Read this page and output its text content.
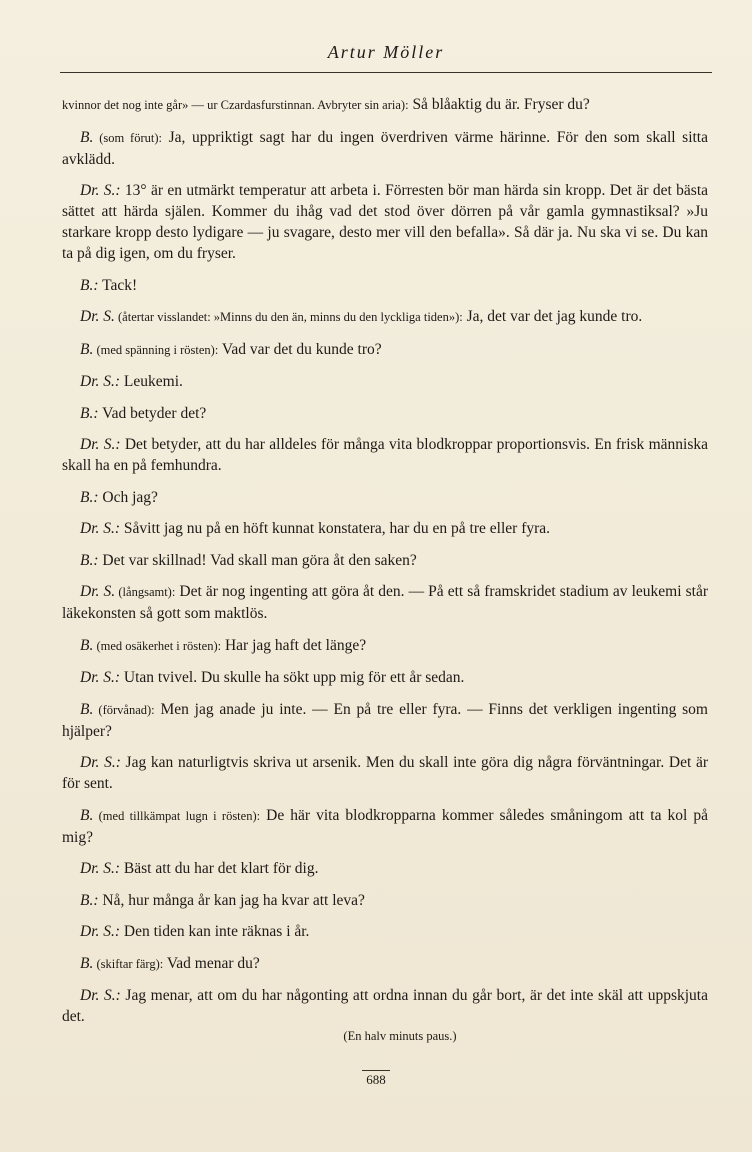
Artur Möller

kvinnor det nog inte går» — ur Czardasfurstinnan. Avbryter sin aria): Så blåaktig du är. Fryser du?

B. (som förut): Ja, uppriktigt sagt har du ingen överdriven värme härinne. För den som skall sitta avklädd.

Dr. S.: 13° är en utmärkt temperatur att arbeta i. Förresten bör man härda sin kropp. Det är det bästa sättet att härda själen. Kommer du ihåg vad det stod över dörren på vår gamla gymnastiksal? »Ju starkare kropp desto lydigare — ju svagare, desto mer vill den befalla». Så där ja. Nu ska vi se. Du kan ta på dig igen, om du fryser.

B.: Tack!

Dr. S. (återtar visslandet: »Minns du den än, minns du den lyckliga tiden»): Ja, det var det jag kunde tro.

B. (med spänning i rösten): Vad var det du kunde tro?

Dr. S.: Leukemi.

B.: Vad betyder det?

Dr. S.: Det betyder, att du har alldeles för många vita blodkroppar proportionsvis. En frisk människa skall ha en på femhundra.

B.: Och jag?

Dr. S.: Såvitt jag nu på en höft kunnat konstatera, har du en på tre eller fyra.

B.: Det var skillnad! Vad skall man göra åt den saken?

Dr. S. (långsamt): Det är nog ingenting att göra åt den. — På ett så framskridet stadium av leukemi står läkekonsten så gott som maktlös.

B. (med osäkerhet i rösten): Har jag haft det länge?

Dr. S.: Utan tvivel. Du skulle ha sökt upp mig för ett år sedan.

B. (förvånad): Men jag anade ju inte. — En på tre eller fyra. — Finns det verkligen ingenting som hjälper?

Dr. S.: Jag kan naturligtvis skriva ut arsenik. Men du skall inte göra dig några förväntningar. Det är för sent.

B. (med tillkämpat lugn i rösten): De här vita blodkropparna kommer således småningom att ta kol på mig?

Dr. S.: Bäst att du har det klart för dig.

B.: Nå, hur många år kan jag ha kvar att leva?

Dr. S.: Den tiden kan inte räknas i år.

B. (skiftar färg): Vad menar du?

Dr. S.: Jag menar, att om du har någonting att ordna innan du går bort, är det inte skäl att uppskjuta det.

(En halv minuts paus.)

688
